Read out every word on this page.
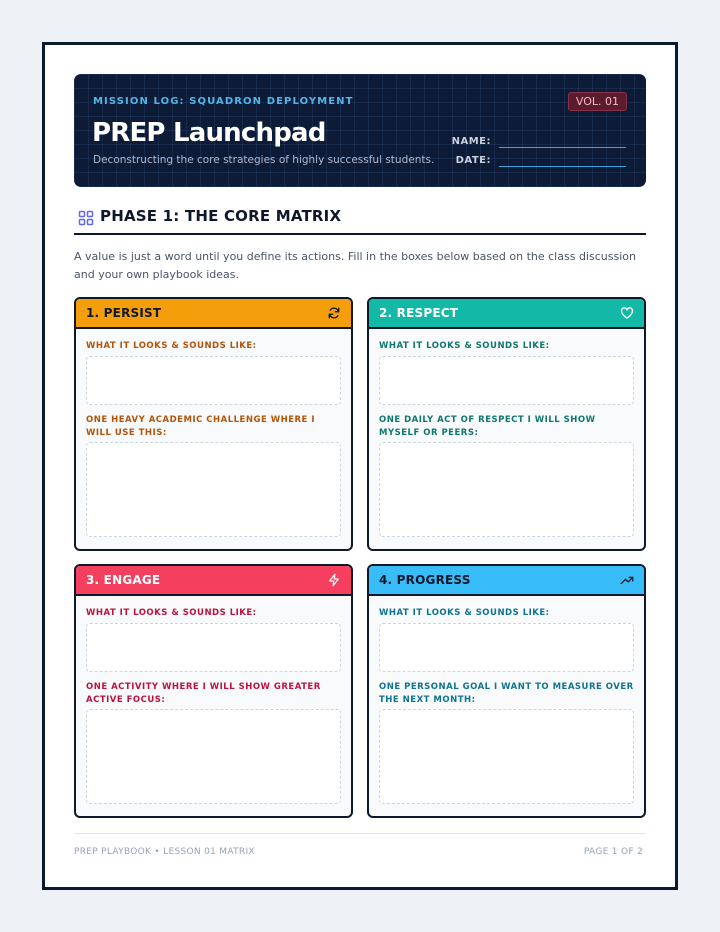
MISSION LOG: SQUADRON DEPLOYMENT	VOL. 01
PREP Launchpad
Deconstructing the core strategies of highly successful students.
NAME:
DATE:
PHASE 1: THE CORE MATRIX
A value is just a word until you define its actions. Fill in the boxes below based on the class discussion and your own playbook ideas.
1. PERSIST
WHAT IT LOOKS & SOUNDS LIKE:
ONE HEAVY ACADEMIC CHALLENGE WHERE I WILL USE THIS:
2. RESPECT
WHAT IT LOOKS & SOUNDS LIKE:
ONE DAILY ACT OF RESPECT I WILL SHOW MYSELF OR PEERS:
3. ENGAGE
WHAT IT LOOKS & SOUNDS LIKE:
ONE ACTIVITY WHERE I WILL SHOW GREATER ACTIVE FOCUS:
4. PROGRESS
WHAT IT LOOKS & SOUNDS LIKE:
ONE PERSONAL GOAL I WANT TO MEASURE OVER THE NEXT MONTH:
PREP PLAYBOOK • LESSON 01 MATRIX	PAGE 1 OF 2
